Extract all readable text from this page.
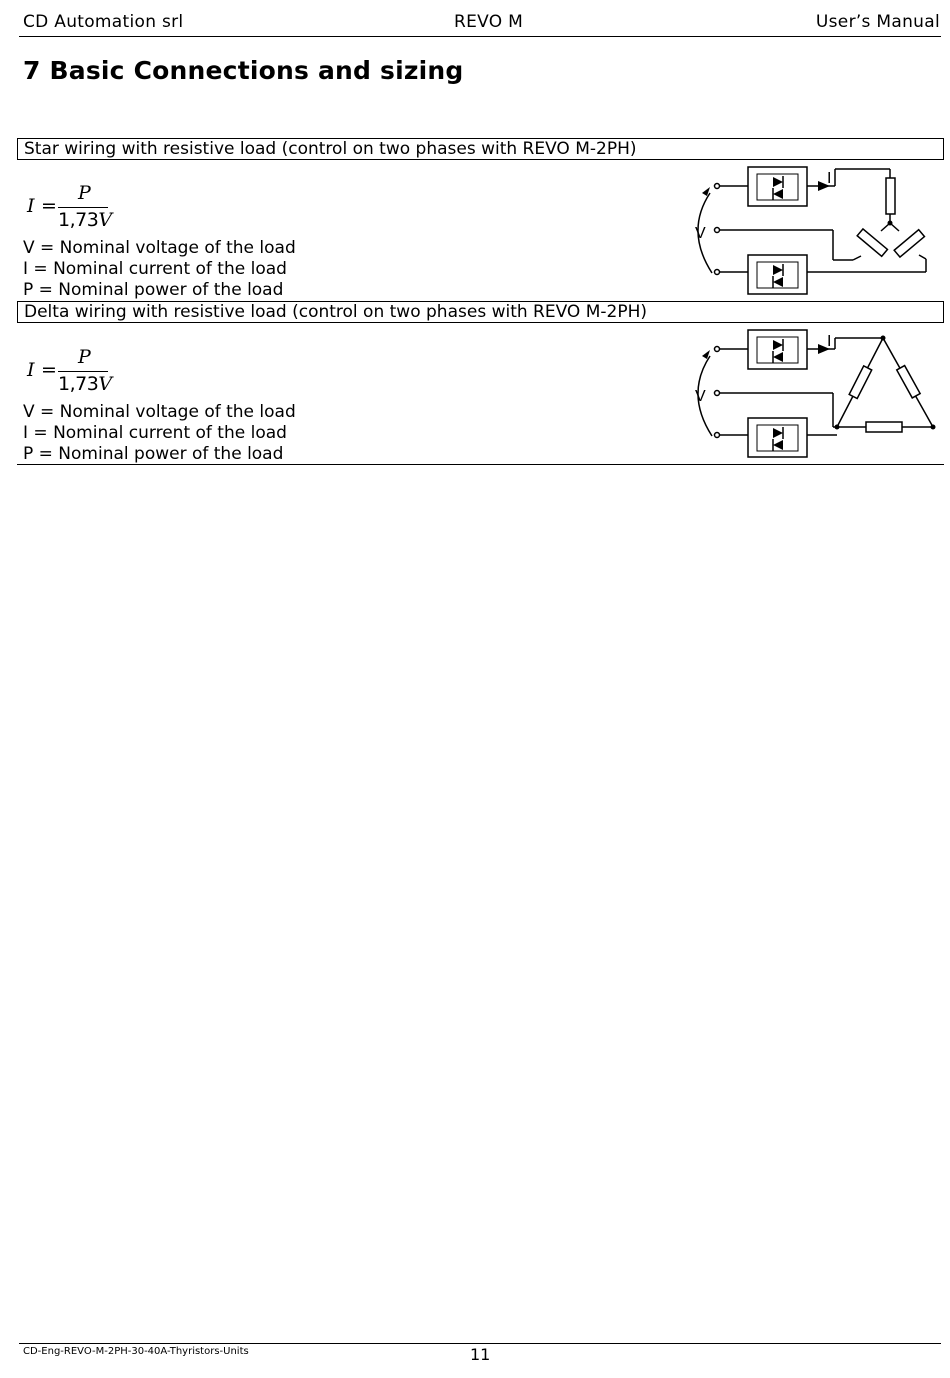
CD Automation srl	REVO M	User’s Manual
7 Basic Connections and sizing
Star wiring with resistive load (control on two phases with REVO M-2PH)
I =
P
1,73V
V = Nominal voltage of the load
I = Nominal current of the load
P = Nominal power of the load
V
I
Delta wiring with resistive load (control on two phases with REVO M-2PH)
I =
P
1,73V
V = Nominal voltage of the load
I = Nominal current of the load
P = Nominal power of the load
V
I
CD-Eng-REVO-M-2PH-30-40A-Thyristors-Units	11
